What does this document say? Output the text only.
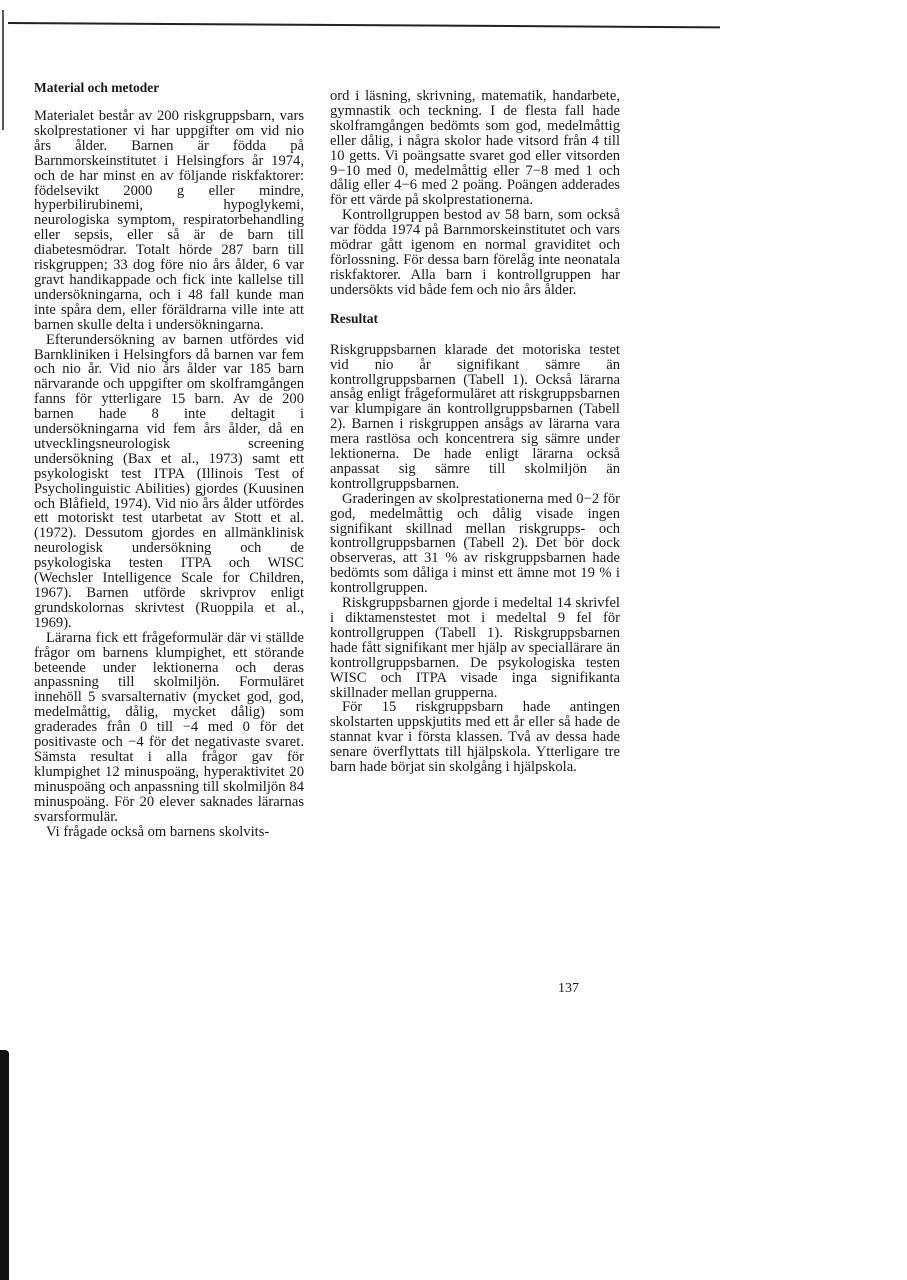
Material och metoder

Materialet består av 200 riskgruppsbarn, vars skolprestationer vi har uppgifter om vid nio års ålder. Barnen är födda på Barnmorskeinstitutet i Helsingfors år 1974, och de har minst en av följande riskfaktorer: födelsevikt 2000 g eller mindre, hyperbilirubinemi, hypoglykemi, neurologiska symptom, respiratorbehandling eller sepsis, eller så är de barn till diabetesmödrar. Totalt hörde 287 barn till riskgruppen; 33 dog före nio års ålder, 6 var gravt handikappade och fick inte kallelse till undersökningarna, och i 48 fall kunde man inte spåra dem, eller föräldrarna ville inte att barnen skulle delta i undersökningarna.

Efterundersökning av barnen utfördes vid Barnkliniken i Helsingfors då barnen var fem och nio år. Vid nio års ålder var 185 barn närvarande och uppgifter om skolframgången fanns för ytterligare 15 barn. Av de 200 barnen hade 8 inte deltagit i undersökningarna vid fem års ålder, då en utvecklingsneurologisk screening undersökning (Bax et al., 1973) samt ett psykologiskt test ITPA (Illinois Test of Psycholinguistic Abilities) gjordes (Kuusinen och Blåfield, 1974). Vid nio års ålder utfördes ett motoriskt test utarbetat av Stott et al. (1972). Dessutom gjordes en allmänklinisk neurologisk undersökning och de psykologiska testen ITPA och WISC (Wechsler Intelligence Scale for Children, 1967). Barnen utförde skrivprov enligt grundskolornas skrivtest (Ruoppila et al., 1969).

Lärarna fick ett frågeformulär där vi ställde frågor om barnens klumpighet, ett störande beteende under lektionerna och deras anpassning till skolmiljön. Formuläret innehöll 5 svarsalternativ (mycket god, god, medelmåttig, dålig, mycket dålig) som graderades från 0 till −4 med 0 för det positivaste och −4 för det negativaste svaret. Sämsta resultat i alla frågor gav för klumpighet 12 minuspoäng, hyperaktivitet 20 minuspoäng och anpassning till skolmiljön 84 minuspoäng. För 20 elever saknades lärarnas svarsformulär.

Vi frågade också om barnens skolvits-

ord i läsning, skrivning, matematik, handarbete, gymnastik och teckning. I de flesta fall hade skolframgången bedömts som god, medelmåttig eller dålig, i några skolor hade vitsord från 4 till 10 getts. Vi poängsatte svaret god eller vitsorden 9−10 med 0, medelmåttig eller 7−8 med 1 och dålig eller 4−6 med 2 poäng. Poängen adderades för ett värde på skolprestationerna.

Kontrollgruppen bestod av 58 barn, som också var födda 1974 på Barnmorskeinstitutet och vars mödrar gått igenom en normal graviditet och förlossning. För dessa barn förelåg inte neonatala riskfaktorer. Alla barn i kontrollgruppen har undersökts vid både fem och nio års ålder.

Resultat

Riskgruppsbarnen klarade det motoriska testet vid nio år signifikant sämre än kontrollgruppsbarnen (Tabell 1). Också lärarna ansåg enligt frågeformuläret att riskgruppsbarnen var klumpigare än kontrollgruppsbarnen (Tabell 2). Barnen i riskgruppen ansågs av lärarna vara mera rastlösa och koncentrera sig sämre under lektionerna. De hade enligt lärarna också anpassat sig sämre till skolmiljön än kontrollgruppsbarnen.

Graderingen av skolprestationerna med 0−2 för god, medelmåttig och dålig visade ingen signifikant skillnad mellan riskgrupps- och kontrollgruppsbarnen (Tabell 2). Det bör dock observeras, att 31 % av riskgruppsbarnen hade bedömts som dåliga i minst ett ämne mot 19 % i kontrollgruppen.

Riskgruppsbarnen gjorde i medeltal 14 skrivfel i diktamenstestet mot i medeltal 9 fel för kontrollgruppen (Tabell 1). Riskgruppsbarnen hade fått signifikant mer hjälp av speciallärare än kontrollgruppsbarnen. De psykologiska testen WISC och ITPA visade inga signifikanta skillnader mellan grupperna.

För 15 riskgruppsbarn hade antingen skolstarten uppskjutits med ett år eller så hade de stannat kvar i första klassen. Två av dessa hade senare överflyttats till hjälpskola. Ytterligare tre barn hade börjat sin skolgång i hjälpskola.

137
